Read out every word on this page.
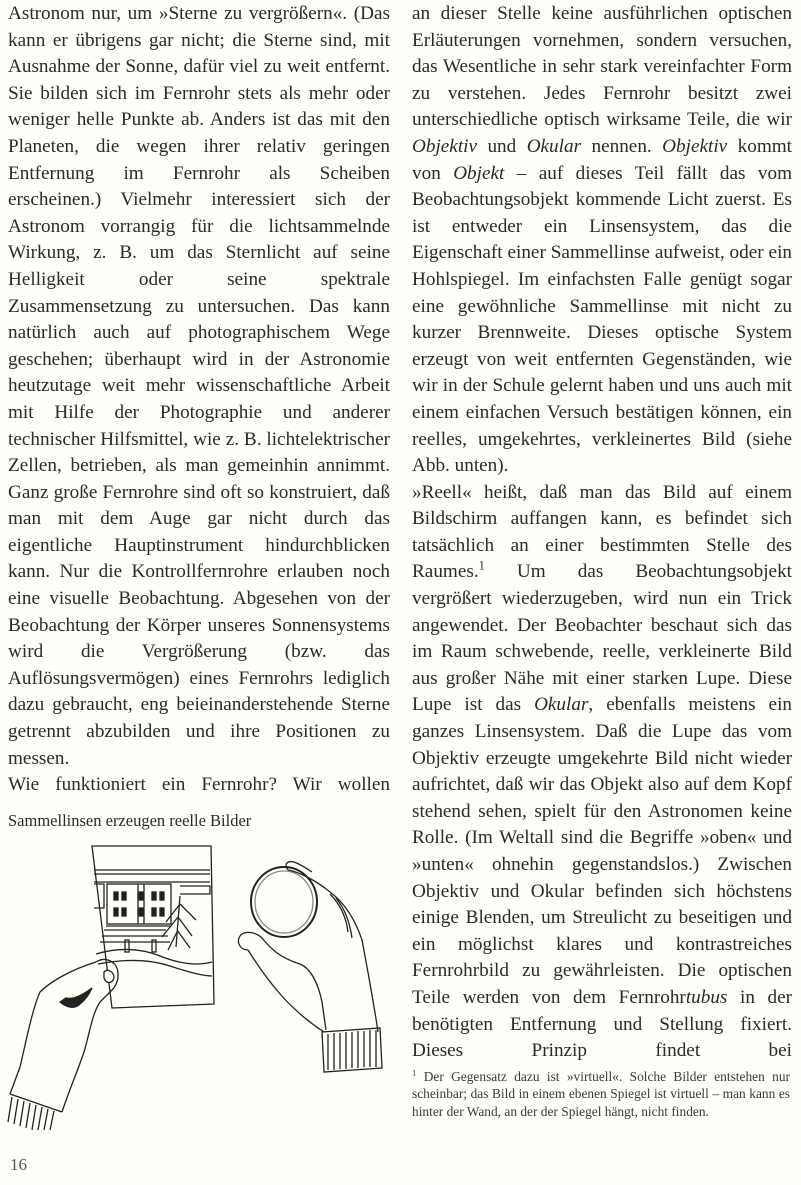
Astronom nur, um »Sterne zu vergrößern«. (Das kann er übrigens gar nicht; die Sterne sind, mit Ausnahme der Sonne, dafür viel zu weit entfernt. Sie bilden sich im Fernrohr stets als mehr oder weniger helle Punkte ab. Anders ist das mit den Planeten, die wegen ihrer relativ geringen Entfernung im Fernrohr als Scheiben erscheinen.) Vielmehr interessiert sich der Astronom vorrangig für die lichtsammelnde Wirkung, z. B. um das Sternlicht auf seine Helligkeit oder seine spektrale Zusammensetzung zu untersuchen. Das kann natürlich auch auf photographischem Wege geschehen; überhaupt wird in der Astronomie heutzutage weit mehr wissenschaftliche Arbeit mit Hilfe der Photographie und anderer technischer Hilfsmittel, wie z. B. lichtelektrischer Zellen, betrieben, als man gemeinhin annimmt. Ganz große Fernrohre sind oft so konstruiert, daß man mit dem Auge gar nicht durch das eigentliche Hauptinstrument hindurchblicken kann. Nur die Kontrollfernrohre erlauben noch eine visuelle Beobachtung. Abgesehen von der Beobachtung der Körper unseres Sonnensystems wird die Vergrößerung (bzw. das Auflösungsvermögen) eines Fernrohrs lediglich dazu gebraucht, eng beieinanderstehende Sterne getrennt abzubilden und ihre Positionen zu messen.

Wie funktioniert ein Fernrohr? Wir wollen

Sammellinsen erzeugen reelle Bilder

an dieser Stelle keine ausführlichen optischen Erläuterungen vornehmen, sondern versuchen, das Wesentliche in sehr stark vereinfachter Form zu verstehen. Jedes Fernrohr besitzt zwei unterschiedliche optisch wirksame Teile, die wir Objektiv und Okular nennen. Objektiv kommt von Objekt – auf dieses Teil fällt das vom Beobachtungsobjekt kommende Licht zuerst. Es ist entweder ein Linsensystem, das die Eigenschaft einer Sammellinse aufweist, oder ein Hohlspiegel. Im einfachsten Falle genügt sogar eine gewöhnliche Sammellinse mit nicht zu kurzer Brennweite. Dieses optische System erzeugt von weit entfernten Gegenständen, wie wir in der Schule gelernt haben und uns auch mit einem einfachen Versuch bestätigen können, ein reelles, umgekehrtes, verkleinertes Bild (siehe Abb. unten).

»Reell« heißt, daß man das Bild auf einem Bildschirm auffangen kann, es befindet sich tatsächlich an einer bestimmten Stelle des Raumes.$^1$ Um das Beobachtungsobjekt vergrößert wiederzugeben, wird nun ein Trick angewendet. Der Beobachter beschaut sich das im Raum schwebende, reelle, verkleinerte Bild aus großer Nähe mit einer starken Lupe. Diese Lupe ist das Okular, ebenfalls meistens ein ganzes Linsensystem. Daß die Lupe das vom Objektiv erzeugte umgekehrte Bild nicht wieder aufrichtet, daß wir das Objekt also auf dem Kopf stehend sehen, spielt für den Astronomen keine Rolle. (Im Weltall sind die Begriffe »oben« und »unten« ohnehin gegenstandslos.) Zwischen Objektiv und Okular befinden sich höchstens einige Blenden, um Streulicht zu beseitigen und ein möglichst klares und kontrastreiches Fernrohrbild zu gewährleisten. Die optischen Teile werden von dem Fernrohrtubus in der benötigten Entfernung und Stellung fixiert. Dieses Prinzip findet bei

$^1$ Der Gegensatz dazu ist »virtuell«. Solche Bilder entstehen nur scheinbar; das Bild in einem ebenen Spiegel ist virtuell – man kann es hinter der Wand, an der der Spiegel hängt, nicht finden.
16
